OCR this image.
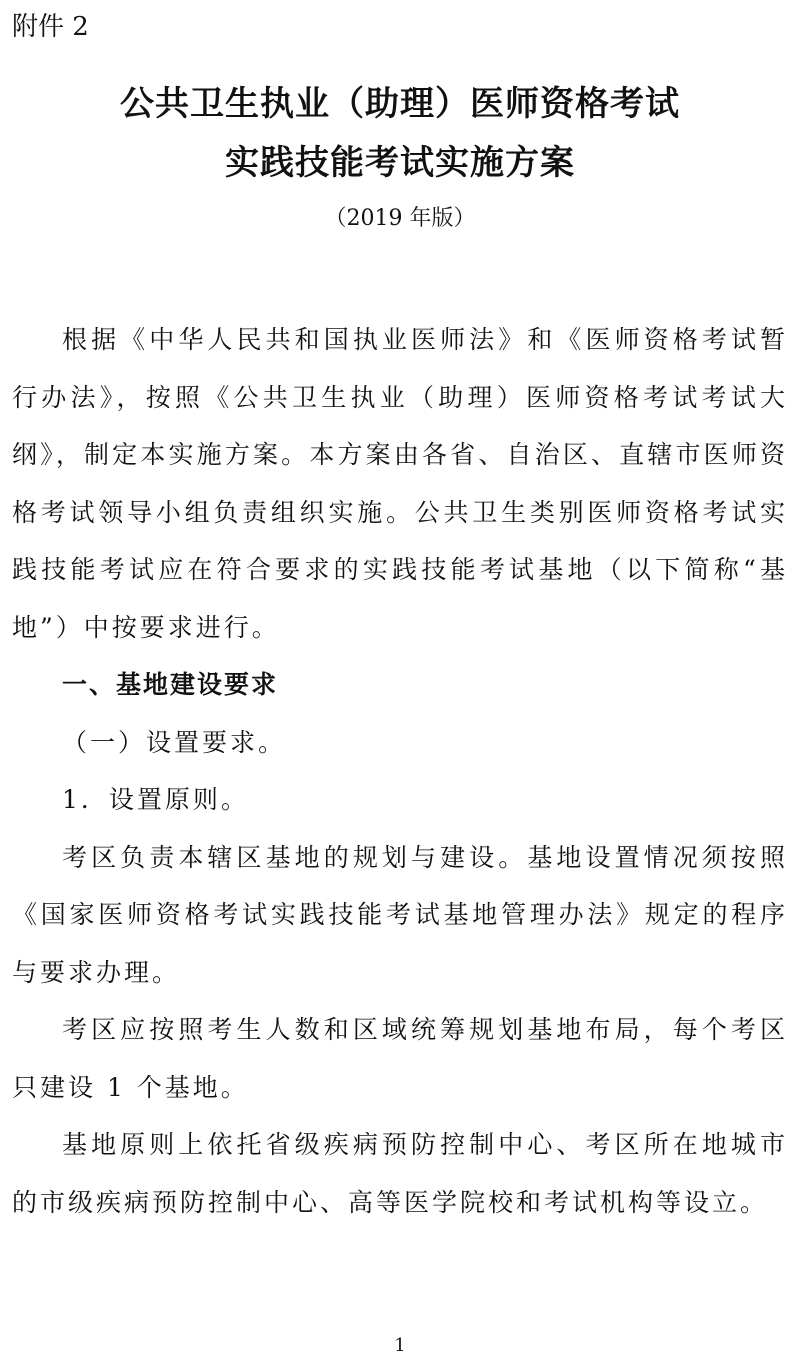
附件 2

公共卫生执业（助理）医师资格考试
实践技能考试实施方案

（2019 年版）

根据《中华人民共和国执业医师法》和《医师资格考试暂行办法》，按照《公共卫生执业（助理）医师资格考试考试大纲》，制定本实施方案。本方案由各省、自治区、直辖市医师资格考试领导小组负责组织实施。公共卫生类别医师资格考试实践技能考试应在符合要求的实践技能考试基地（以下简称“基地”）中按要求进行。

一、基地建设要求

（一）设置要求。

1．设置原则。

考区负责本辖区基地的规划与建设。基地设置情况须按照《国家医师资格考试实践技能考试基地管理办法》规定的程序与要求办理。

考区应按照考生人数和区域统筹规划基地布局，每个考区只建设 1 个基地。

基地原则上依托省级疾病预防控制中心、考区所在地城市的市级疾病预防控制中心、高等医学院校和考试机构等设立。

1
